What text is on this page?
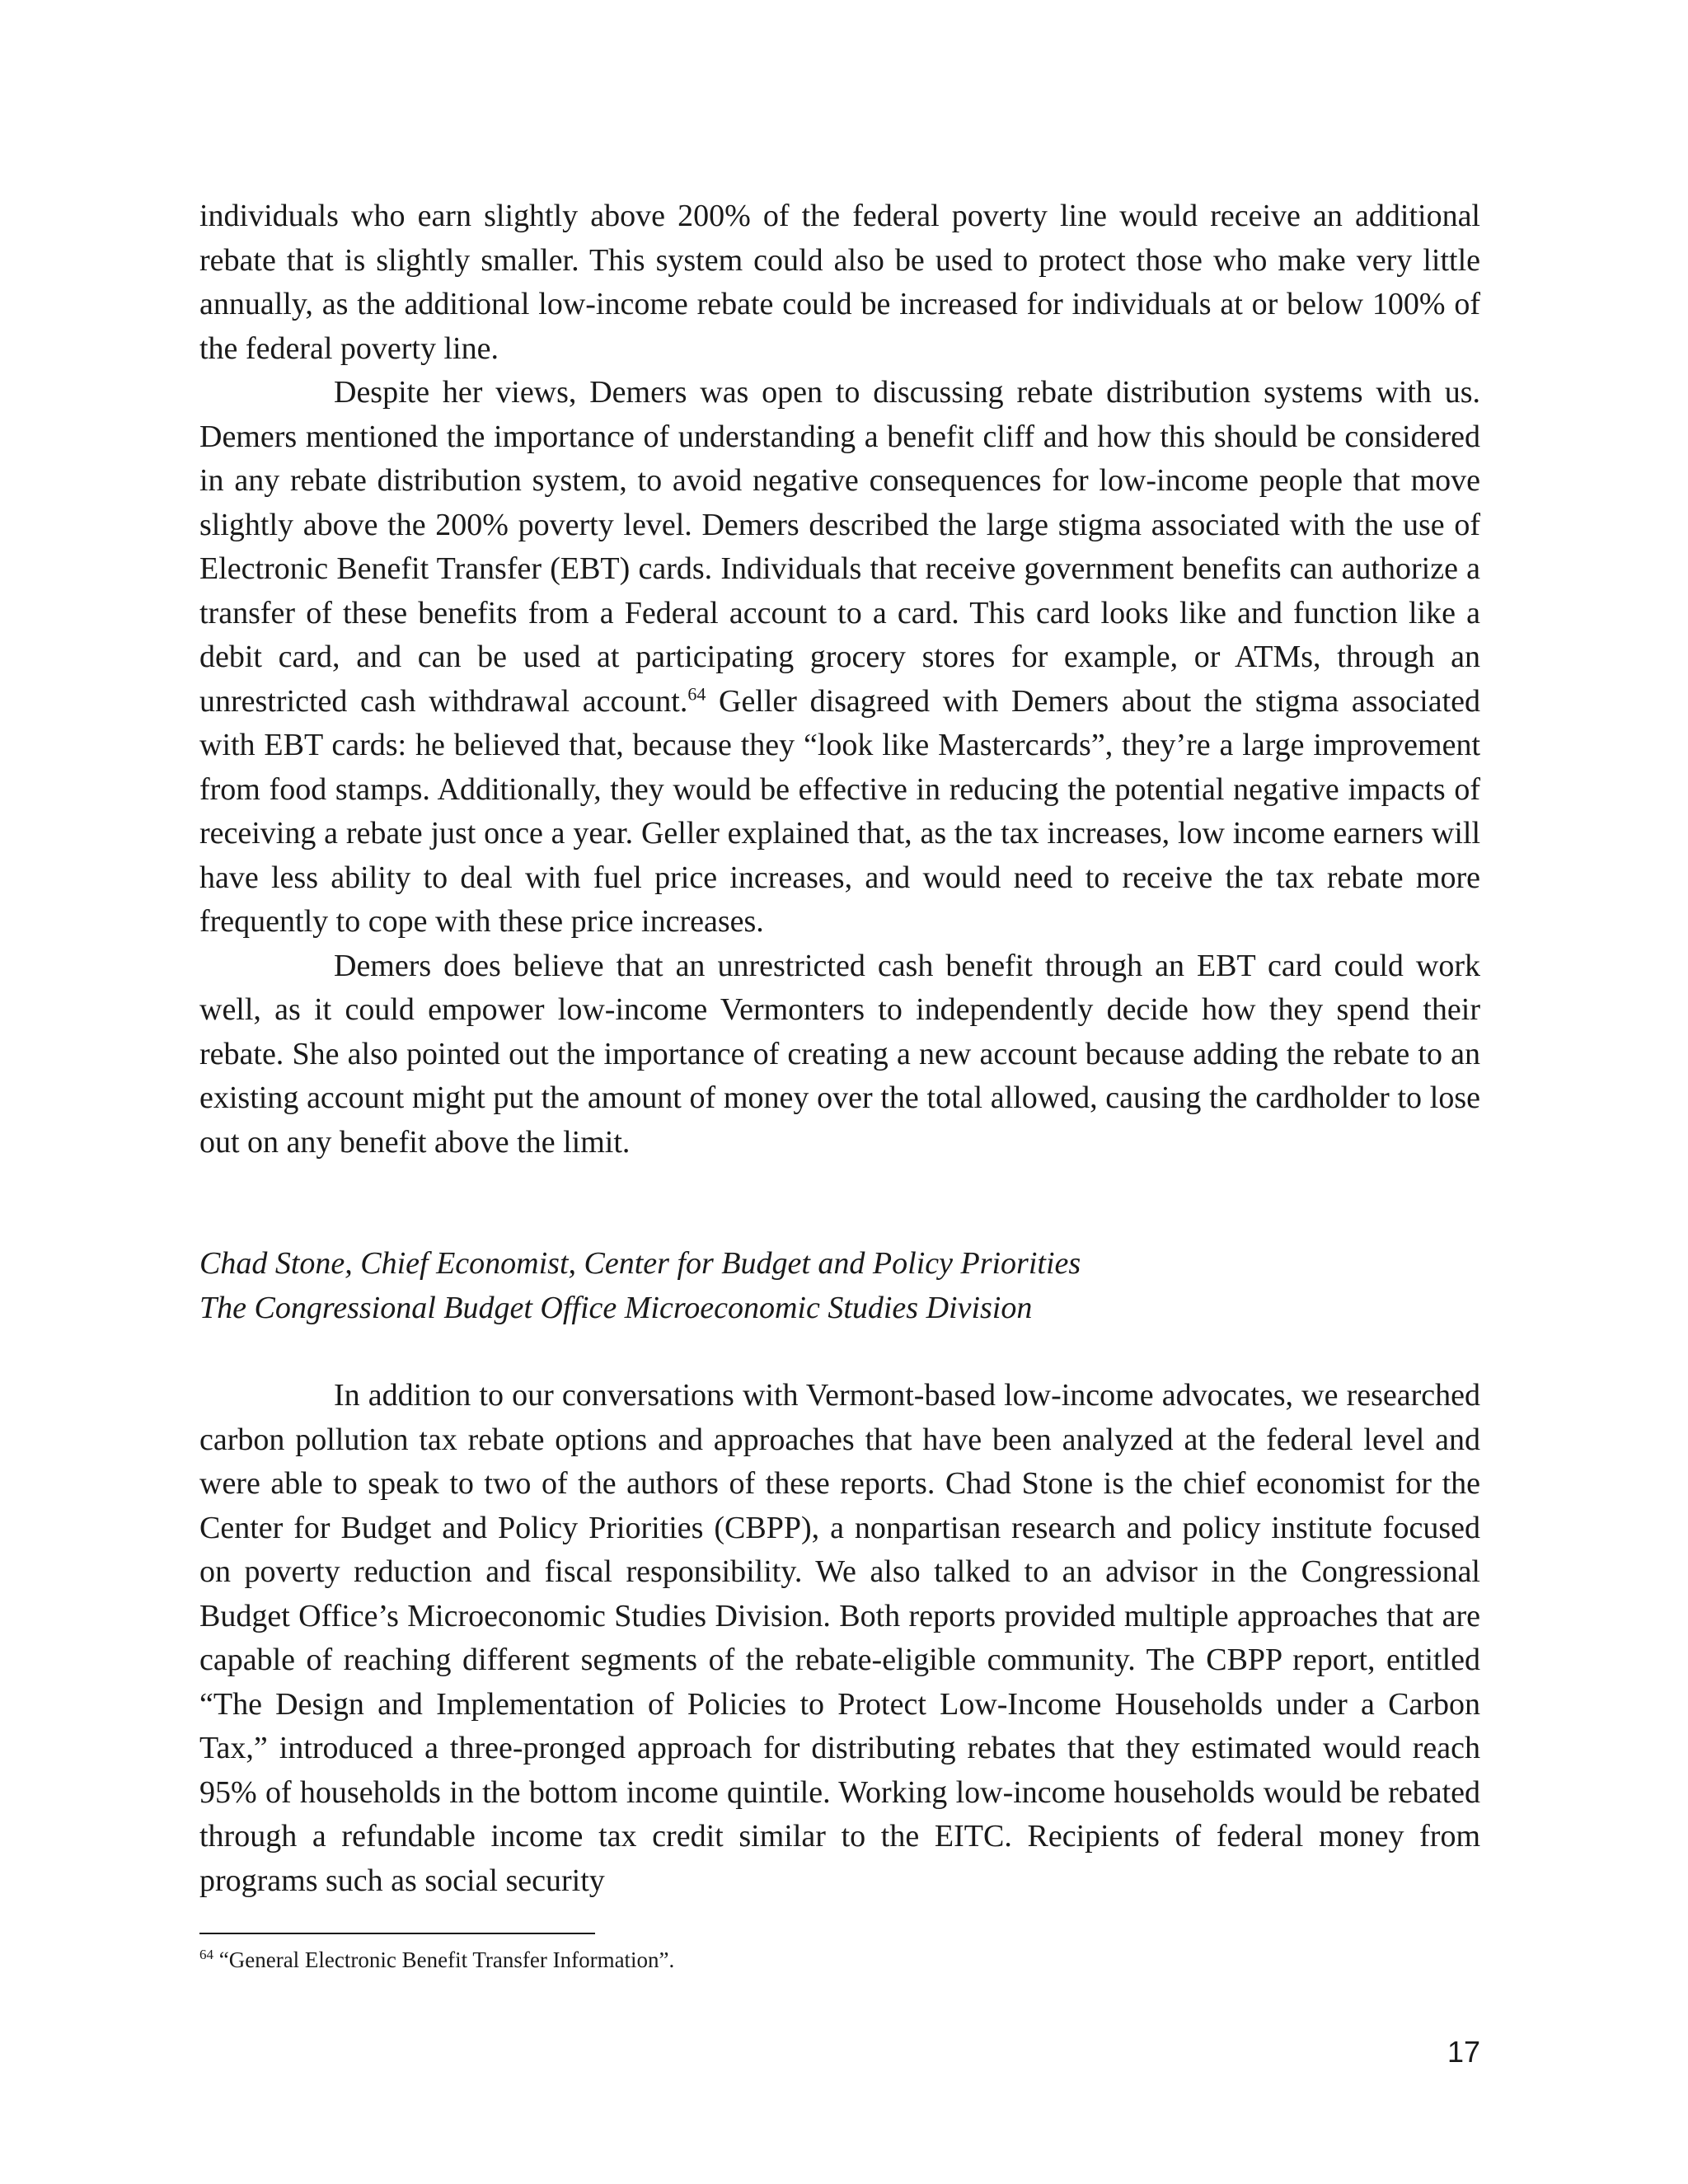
individuals who earn slightly above 200% of the federal poverty line would receive an additional rebate that is slightly smaller. This system could also be used to protect those who make very little annually, as the additional low-income rebate could be increased for individuals at or below 100% of the federal poverty line.

Despite her views, Demers was open to discussing rebate distribution systems with us. Demers mentioned the importance of understanding a benefit cliff and how this should be considered in any rebate distribution system, to avoid negative consequences for low-income people that move slightly above the 200% poverty level. Demers described the large stigma associated with the use of Electronic Benefit Transfer (EBT) cards. Individuals that receive government benefits can authorize a transfer of these benefits from a Federal account to a card. This card looks like and function like a debit card, and can be used at participating grocery stores for example, or ATMs, through an unrestricted cash withdrawal account.$^{64}$ Geller disagreed with Demers about the stigma associated with EBT cards: he believed that, because they “look like Mastercards”, they’re a large improvement from food stamps. Additionally, they would be effective in reducing the potential negative impacts of receiving a rebate just once a year. Geller explained that, as the tax increases, low income earners will have less ability to deal with fuel price increases, and would need to receive the tax rebate more frequently to cope with these price increases.

Demers does believe that an unrestricted cash benefit through an EBT card could work well, as it could empower low-income Vermonters to independently decide how they spend their rebate. She also pointed out the importance of creating a new account because adding the rebate to an existing account might put the amount of money over the total allowed, causing the cardholder to lose out on any benefit above the limit.

Chad Stone, Chief Economist, Center for Budget and Policy Priorities
The Congressional Budget Office Microeconomic Studies Division

In addition to our conversations with Vermont-based low-income advocates, we researched carbon pollution tax rebate options and approaches that have been analyzed at the federal level and were able to speak to two of the authors of these reports. Chad Stone is the chief economist for the Center for Budget and Policy Priorities (CBPP), a nonpartisan research and policy institute focused on poverty reduction and fiscal responsibility. We also talked to an advisor in the Congressional Budget Office’s Microeconomic Studies Division. Both reports provided multiple approaches that are capable of reaching different segments of the rebate-eligible community. The CBPP report, entitled “The Design and Implementation of Policies to Protect Low-Income Households under a Carbon Tax,” introduced a three-pronged approach for distributing rebates that they estimated would reach 95% of households in the bottom income quintile. Working low-income households would be rebated through a refundable income tax credit similar to the EITC. Recipients of federal money from programs such as social security

$^{64}$ “General Electronic Benefit Transfer Information”.
17
